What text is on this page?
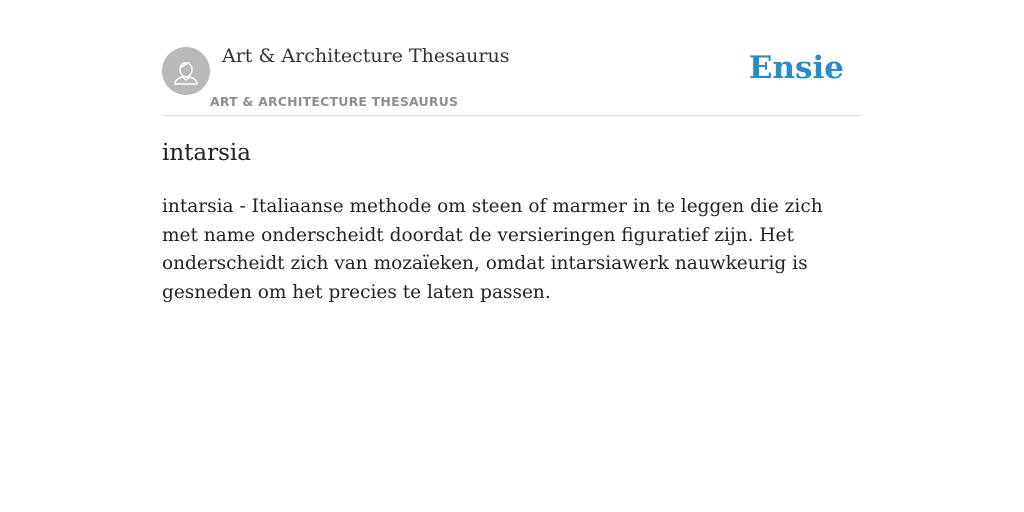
Art & Architecture Thesaurus
ART & ARCHITECTURE THESAURUS
Ensie
intarsia

intarsia - Italiaanse methode om steen of marmer in te leggen die zich met name onderscheidt doordat de versieringen figuratief zijn. Het onderscheidt zich van mozaïeken, omdat intarsiawerk nauwkeurig is gesneden om het precies te laten passen.
